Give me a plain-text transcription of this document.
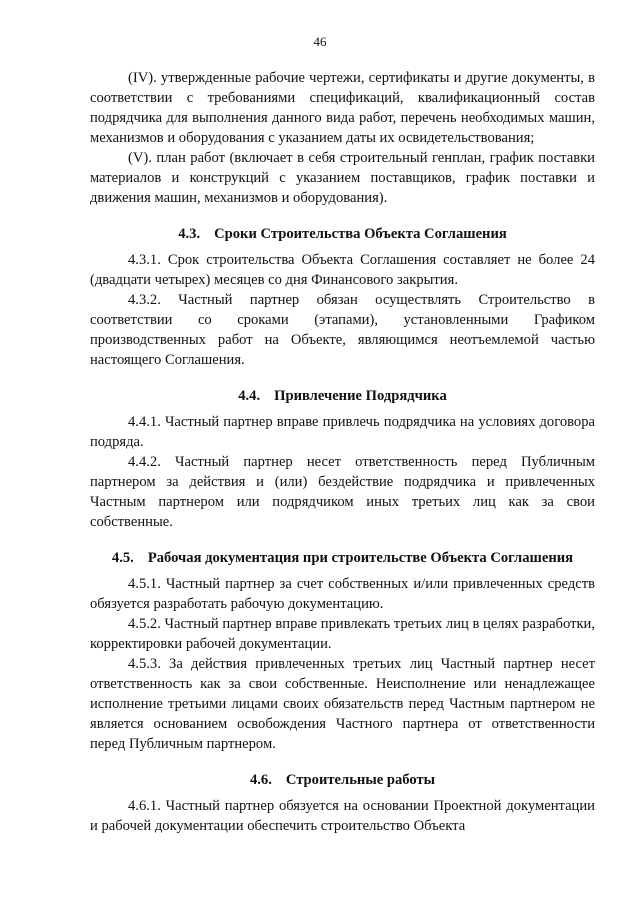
46

(IV). утвержденные рабочие чертежи, сертификаты и другие документы, в соответствии с требованиями спецификаций, квалификационный состав подрядчика для выполнения данного вида работ, перечень необходимых машин, механизмов и оборудования с указанием даты их освидетельствования;

(V). план работ (включает в себя строительный генплан, график поставки материалов и конструкций с указанием поставщиков, график поставки и движения машин, механизмов и оборудования).

4.3. Сроки Строительства Объекта Соглашения

4.3.1. Срок строительства Объекта Соглашения составляет не более 24 (двадцати четырех) месяцев со дня Финансового закрытия.

4.3.2. Частный партнер обязан осуществлять Строительство в соответствии со сроками (этапами), установленными Графиком производственных работ на Объекте, являющимся неотъемлемой частью настоящего Соглашения.

4.4. Привлечение Подрядчика

4.4.1. Частный партнер вправе привлечь подрядчика на условиях договора подряда.

4.4.2. Частный партнер несет ответственность перед Публичным партнером за действия и (или) бездействие подрядчика и привлеченных Частным партнером или подрядчиком иных третьих лиц как за свои собственные.

4.5. Рабочая документация при строительстве Объекта Соглашения

4.5.1. Частный партнер за счет собственных и/или привлеченных средств обязуется разработать рабочую документацию.

4.5.2. Частный партнер вправе привлекать третьих лиц в целях разработки, корректировки рабочей документации.

4.5.3. За действия привлеченных третьих лиц Частный партнер несет ответственность как за свои собственные. Неисполнение или ненадлежащее исполнение третьими лицами своих обязательств перед Частным партнером не является основанием освобождения Частного партнера от ответственности перед Публичным партнером.

4.6. Строительные работы

4.6.1. Частный партнер обязуется на основании Проектной документации и рабочей документации обеспечить строительство Объекта
